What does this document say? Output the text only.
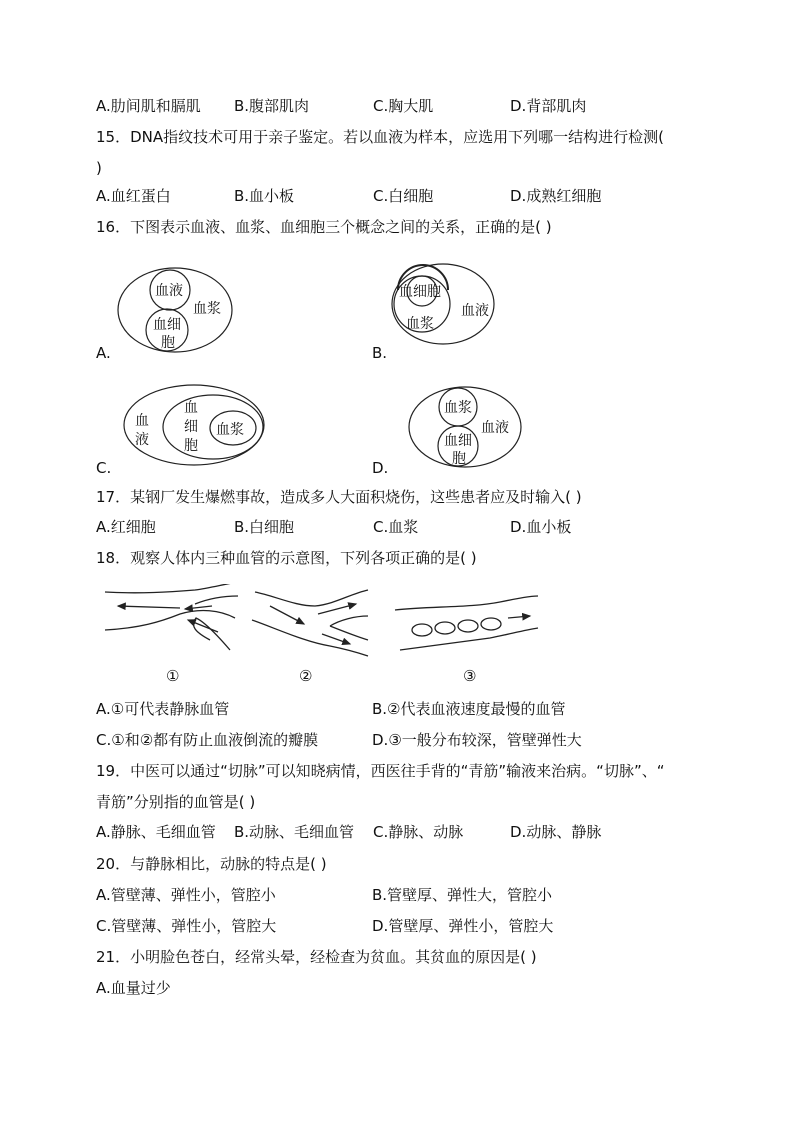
A.肋间肌和膈肌 B.腹部肌肉	C.胸大肌	D.背部肌肉
15．DNA指纹技术可用于亲子鉴定。若以血液为样本，应选用下列哪一结构进行检测(
)
A.血红蛋白	B.血小板	C.白细胞	D.成熟红细胞
16．下图表示血液、血浆、血细胞三个概念之间的关系，正确的是( )
血液
血细
胞
血浆
A.
血细胞
血浆
血液
B.
血
液
血
细
胞
血浆
C.
血浆
血细
胞
血液
D.
17．某钢厂发生爆燃事故，造成多人大面积烧伤，这些患者应及时输入( )
A.红细胞	B.白细胞	C.血浆	D.血小板
18．观察人体内三种血管的示意图，下列各项正确的是( )
①	②	③
A.①可代表静脉血管	B.②代表血液速度最慢的血管
C.①和②都有防止血液倒流的瓣膜	D.③一般分布较深，管壁弹性大
19．中医可以通过“切脉”可以知晓病情，西医往手背的“青筋”输液来治病。“切脉”、“
青筋”分别指的血管是( )
A.静脉、毛细血管 B.动脉、毛细血管 C.静脉、动脉	D.动脉、静脉
20．与静脉相比，动脉的特点是( )
A.管壁薄、弹性小，管腔小	B.管壁厚、弹性大，管腔小
C.管壁薄、弹性小，管腔大	D.管壁厚、弹性小，管腔大
21．小明脸色苍白，经常头晕，经检查为贫血。其贫血的原因是( )
A.血量过少
